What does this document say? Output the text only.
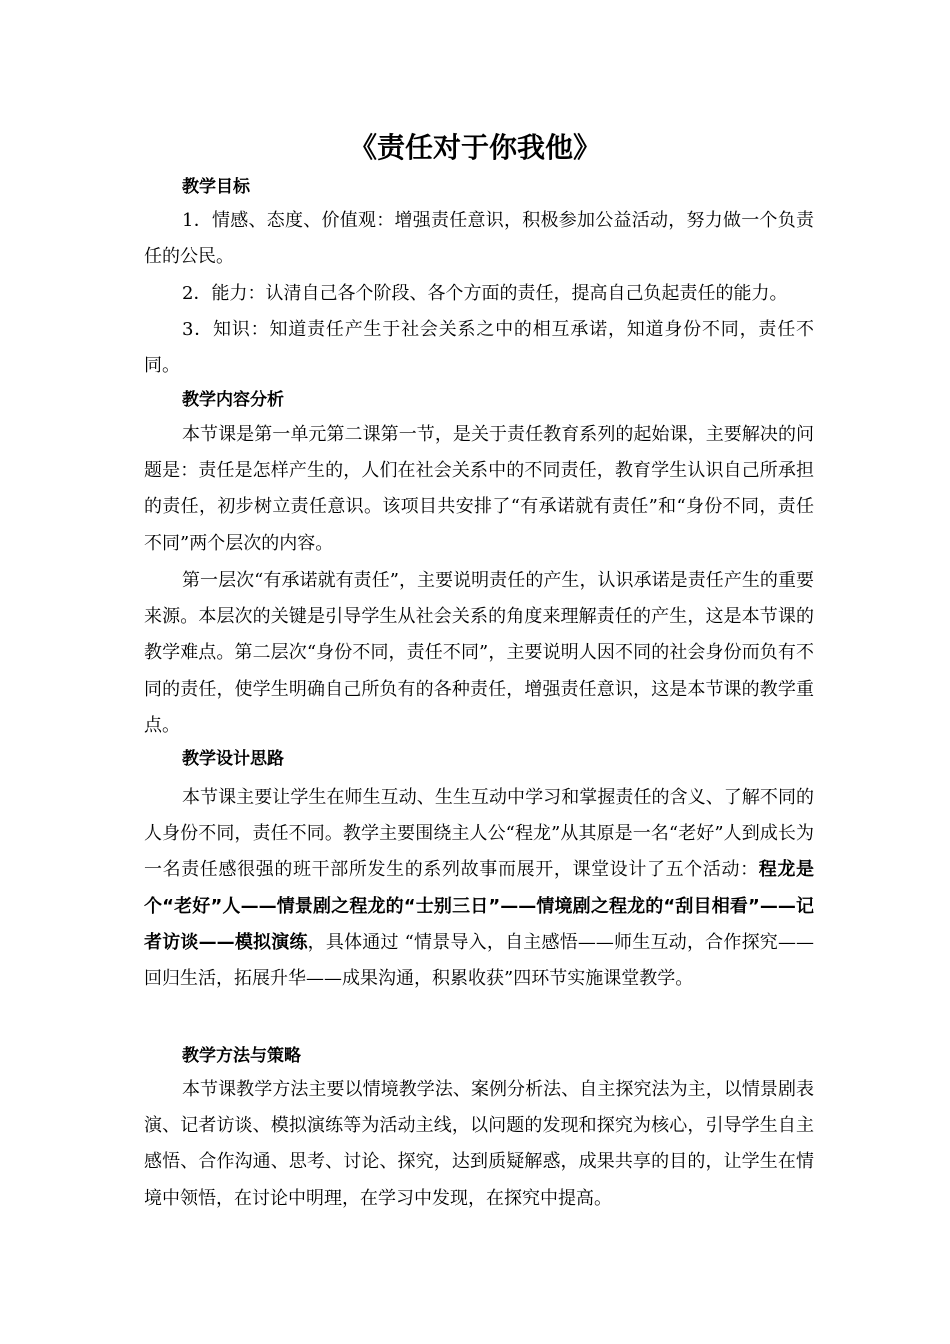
《责任对于你我他》
教学目标

1．情感、态度、价值观：增强责任意识，积极参加公益活动，努力做一个负责任的公民。

2．能力：认清自己各个阶段、各个方面的责任，提高自己负起责任的能力。

3．知识：知道责任产生于社会关系之中的相互承诺，知道身份不同，责任不同。

教学内容分析

本节课是第一单元第二课第一节，是关于责任教育系列的起始课，主要解决的问题是：责任是怎样产生的，人们在社会关系中的不同责任，教育学生认识自己所承担的责任，初步树立责任意识。该项目共安排了“有承诺就有责任”和“身份不同，责任不同”两个层次的内容。

第一层次“有承诺就有责任”，主要说明责任的产生，认识承诺是责任产生的重要来源。本层次的关键是引导学生从社会关系的角度来理解责任的产生，这是本节课的教学难点。第二层次“身份不同，责任不同”，主要说明人因不同的社会身份而负有不同的责任，使学生明确自己所负有的各种责任，增强责任意识，这是本节课的教学重点。

教学设计思路

本节课主要让学生在师生互动、生生互动中学习和掌握责任的含义、了解不同的人身份不同，责任不同。教学主要围绕主人公“程龙”从其原是一名“老好”人到成长为一名责任感很强的班干部所发生的系列故事而展开，课堂设计了五个活动：程龙是个“老好”人——情景剧之程龙的“士别三日”——情境剧之程龙的“刮目相看”——记者访谈——模拟演练，具体通过 “情景导入，自主感悟——师生互动，合作探究——回归生活，拓展升华——成果沟通，积累收获”四环节实施课堂教学。

教学方法与策略

本节课教学方法主要以情境教学法、案例分析法、自主探究法为主，以情景剧表演、记者访谈、模拟演练等为活动主线，以问题的发现和探究为核心，引导学生自主感悟、合作沟通、思考、讨论、探究，达到质疑解惑，成果共享的目的，让学生在情境中领悟，在讨论中明理，在学习中发现，在探究中提高。
